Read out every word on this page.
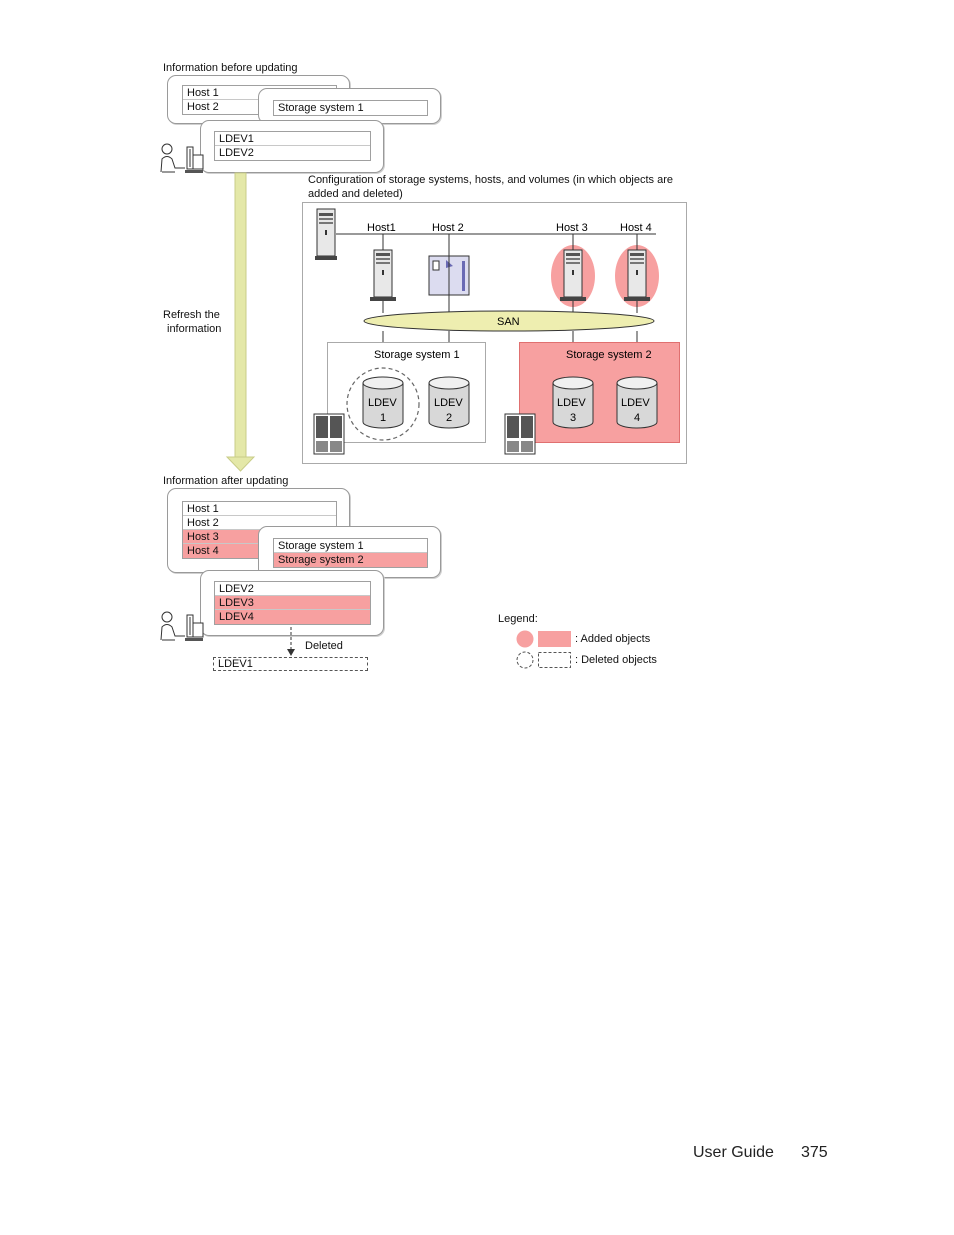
Information before updating
Host 1
Host 2	Storage system 1
LDEV1
LDEV2
Refresh the
information
Configuration of storage systems, hosts, and volumes (in which objects are
added and deleted)
Host1	Host 2	Host 3	Host 4
SAN
Storage system 1	Storage system 2
LDEV
1
LDEV
2
LDEV
3
LDEV
4
Information after updating
Host 1
Host 2
Host 3
Host 4	Storage system 1
Storage system 2
LDEV2
LDEV3
LDEV4
Deleted
LDEV1
Legend:
: Added objects
: Deleted objects
User Guide 375
